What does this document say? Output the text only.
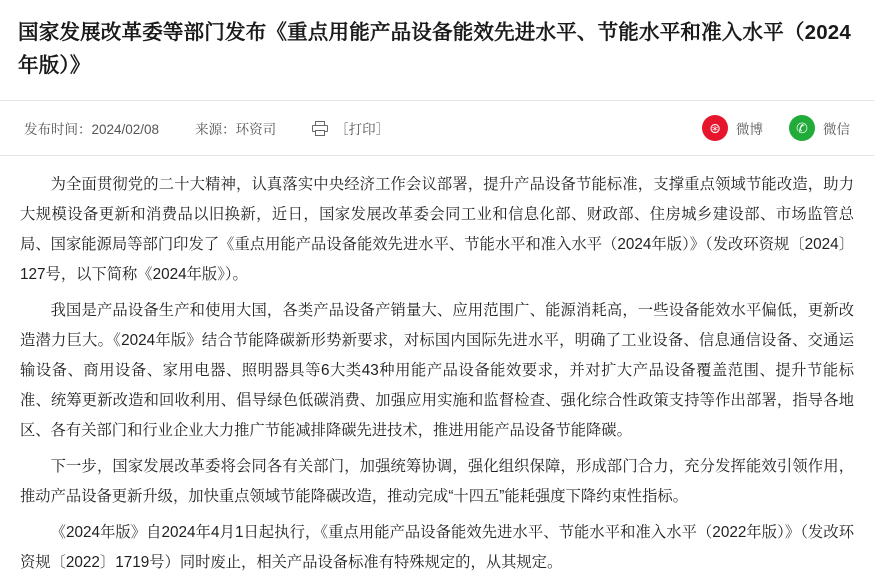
国家发展改革委等部门发布《重点用能产品设备能效先进水平、节能水平和准入水平（2024年版）》
发布时间：2024/02/08	来源：环资司	［打印］	⊛	微博	✆	微信

为全面贯彻党的二十大精神，认真落实中央经济工作会议部署，提升产品设备节能标准，支撑重点领域节能改造，助力大规模设备更新和消费品以旧换新，近日，国家发展改革委会同工业和信息化部、财政部、住房城乡建设部、市场监管总局、国家能源局等部门印发了《重点用能产品设备能效先进水平、节能水平和准入水平（2024年版）》（发改环资规〔2024〕127号，以下简称《2024年版》）。

我国是产品设备生产和使用大国，各类产品设备产销量大、应用范围广、能源消耗高，一些设备能效水平偏低，更新改造潜力巨大。《2024年版》结合节能降碳新形势新要求，对标国内国际先进水平，明确了工业设备、信息通信设备、交通运输设备、商用设备、家用电器、照明器具等6大类43种用能产品设备能效要求，并对扩大产品设备覆盖范围、提升节能标准、统筹更新改造和回收利用、倡导绿色低碳消费、加强应用实施和监督检查、强化综合性政策支持等作出部署，指导各地区、各有关部门和行业企业大力推广节能减排降碳先进技术，推进用能产品设备节能降碳。

下一步，国家发展改革委将会同各有关部门，加强统筹协调，强化组织保障，形成部门合力，充分发挥能效引领作用，推动产品设备更新升级，加快重点领域节能降碳改造，推动完成“十四五”能耗强度下降约束性指标。

《2024年版》自2024年4月1日起执行，《重点用能产品设备能效先进水平、节能水平和准入水平（2022年版）》（发改环资规〔2022〕1719号）同时废止，相关产品设备标准有特殊规定的，从其规定。
